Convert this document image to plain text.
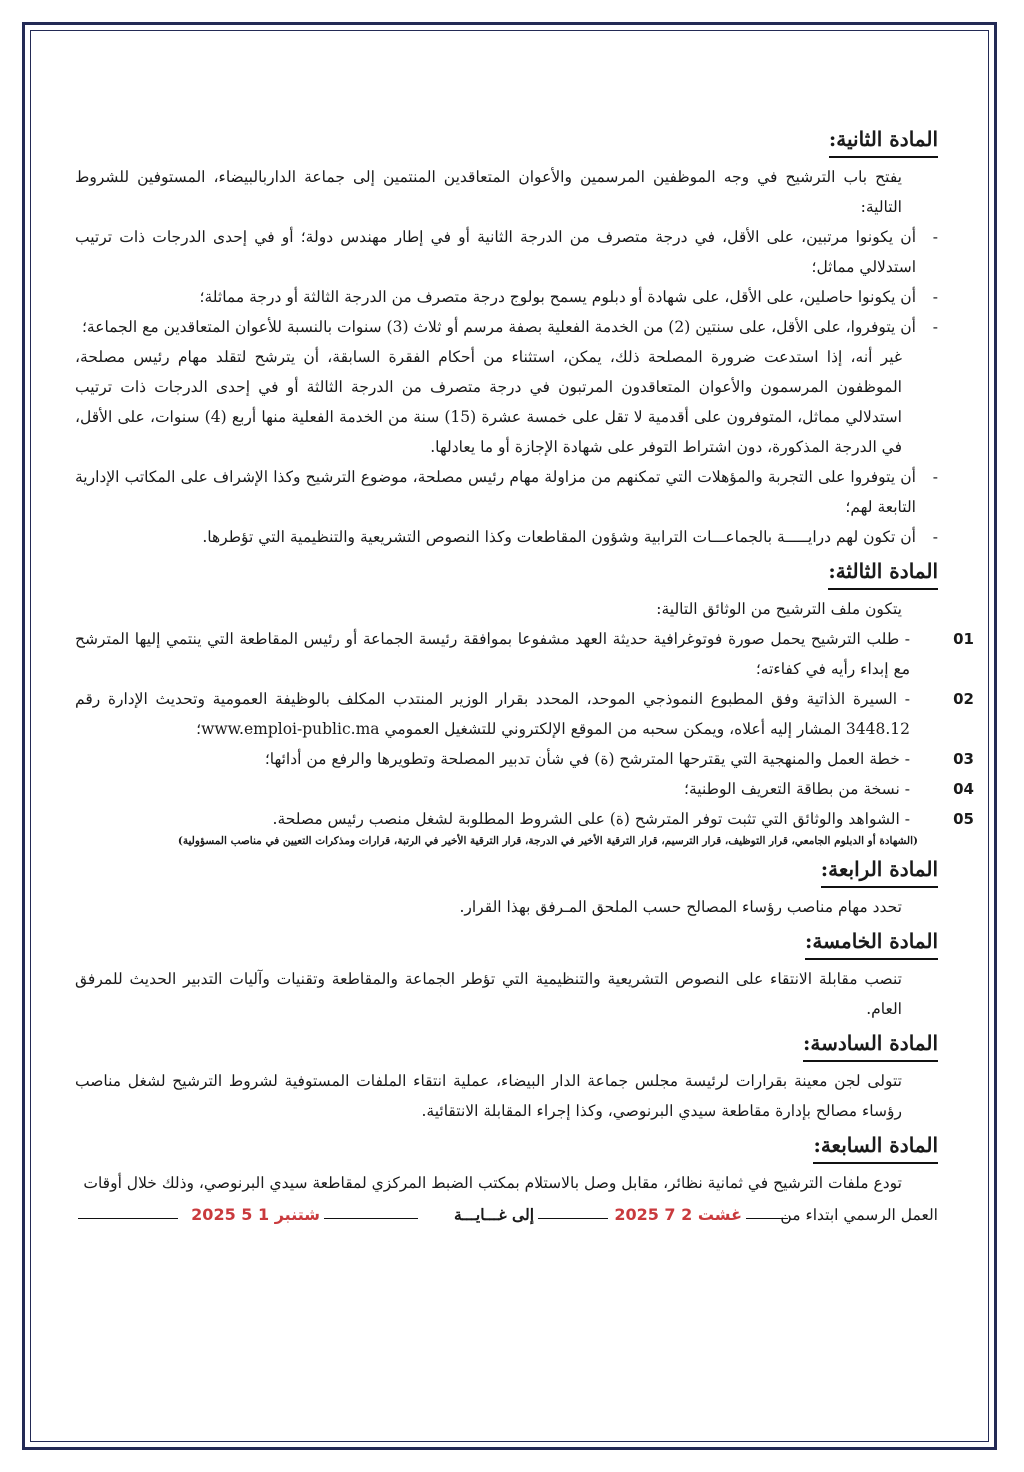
المادة الثانية:

يفتح باب الترشيح في وجه الموظفين المرسمين والأعوان المتعاقدين المنتمين إلى جماعة الداربالبيضاء، المستوفين للشروط التالية:

-
أن يكونوا مرتبين، على الأقل، في درجة متصرف من الدرجة الثانية أو في إطار مهندس دولة؛ أو في إحدى الدرجات ذات ترتيب استدلالي مماثل؛

-
أن يكونوا حاصلين، على الأقل، على شهادة أو دبلوم يسمح بولوج درجة متصرف من الدرجة الثالثة أو درجة مماثلة؛

-
أن يتوفروا، على الأقل، على سنتين (2) من الخدمة الفعلية بصفة مرسم أو ثلاث (3) سنوات بالنسبة للأعوان المتعاقدين مع الجماعة؛

غير أنه، إذا استدعت ضرورة المصلحة ذلك، يمكن، استثناء من أحكام الفقرة السابقة، أن يترشح لتقلد مهام رئيس مصلحة، الموظفون المرسمون والأعوان المتعاقدون المرتبون في درجة متصرف من الدرجة الثالثة أو في إحدى الدرجات ذات ترتيب استدلالي مماثل، المتوفرون على أقدمية لا تقل على خمسة عشرة (15) سنة من الخدمة الفعلية منها أربع (4) سنوات، على الأقل، في الدرجة المذكورة، دون اشتراط التوفر على شهادة الإجازة أو ما يعادلها.

-
أن يتوفروا على التجربة والمؤهلات التي تمكنهم من مزاولة مهام رئيس مصلحة، موضوع الترشيح وكذا الإشراف على المكاتب الإدارية التابعة لهم؛

-
أن تكون لهم درايـــــة بالجماعـــات الترابية وشؤون المقاطعات وكذا النصوص التشريعية والتنظيمية التي تؤطرها.

المادة الثالثة:

يتكون ملف الترشيح من الوثائق التالية:

01
- طلب الترشيح يحمل صورة فوتوغرافية حديثة العهد مشفوعا بموافقة رئيسة الجماعة أو رئيس المقاطعة التي ينتمي إليها المترشح مع إبداء رأيه في كفاءته؛

02
- السيرة الذاتية وفق المطبوع النموذجي الموحد، المحدد بقرار الوزير المنتدب المكلف بالوظيفة العمومية وتحديث الإدارة رقم 3448.12 المشار إليه أعلاه، ويمكن سحبه من الموقع الإلكتروني للتشغيل العمومي www.emploi-public.ma؛

03
- خطة العمل والمنهجية التي يقترحها المترشح (ة) في شأن تدبير المصلحة وتطويرها والرفع من أدائها؛

04
- نسخة من بطاقة التعريف الوطنية؛

05
- الشواهد والوثائق التي تثبت توفر المترشح (ة) على الشروط المطلوبة لشغل منصب رئيس مصلحة.

(الشهادة أو الدبلوم الجامعي، قرار التوظيف، قرار الترسيم، قرار الترقية الأخير في الدرجة، قرار الترقية الأخير في الرتبة، قرارات ومذكرات التعيين في مناصب المسؤولية)

المادة الرابعة:

تحدد مهام مناصب رؤساء المصالح حسب الملحق المـرفق بهذا القرار.

المادة الخامسة:

تنصب مقابلة الانتقاء على النصوص التشريعية والتنظيمية التي تؤطر الجماعة والمقاطعة وتقنيات وآليات التدبير الحديث للمرفق العام.

المادة السادسة:

تتولى لجن معينة بقرارات لرئيسة مجلس جماعة الدار البيضاء، عملية انتقاء الملفات المستوفية لشروط الترشيح لشغل مناصب رؤساء مصالح بإدارة مقاطعة سيدي البرنوصي، وكذا إجراء المقابلة الانتقائية.

المادة السابعة:

تودع ملفات الترشيح في ثمانية نظائر، مقابل وصل بالاستلام بمكتب الضبط المركزي لمقاطعة سيدي البرنوصي، وذلك خلال أوقات

العمل الرسمي ابتداء من
2025 غشت 2 7
إلى غـــايـــة
2025 شتنبر 1 5
